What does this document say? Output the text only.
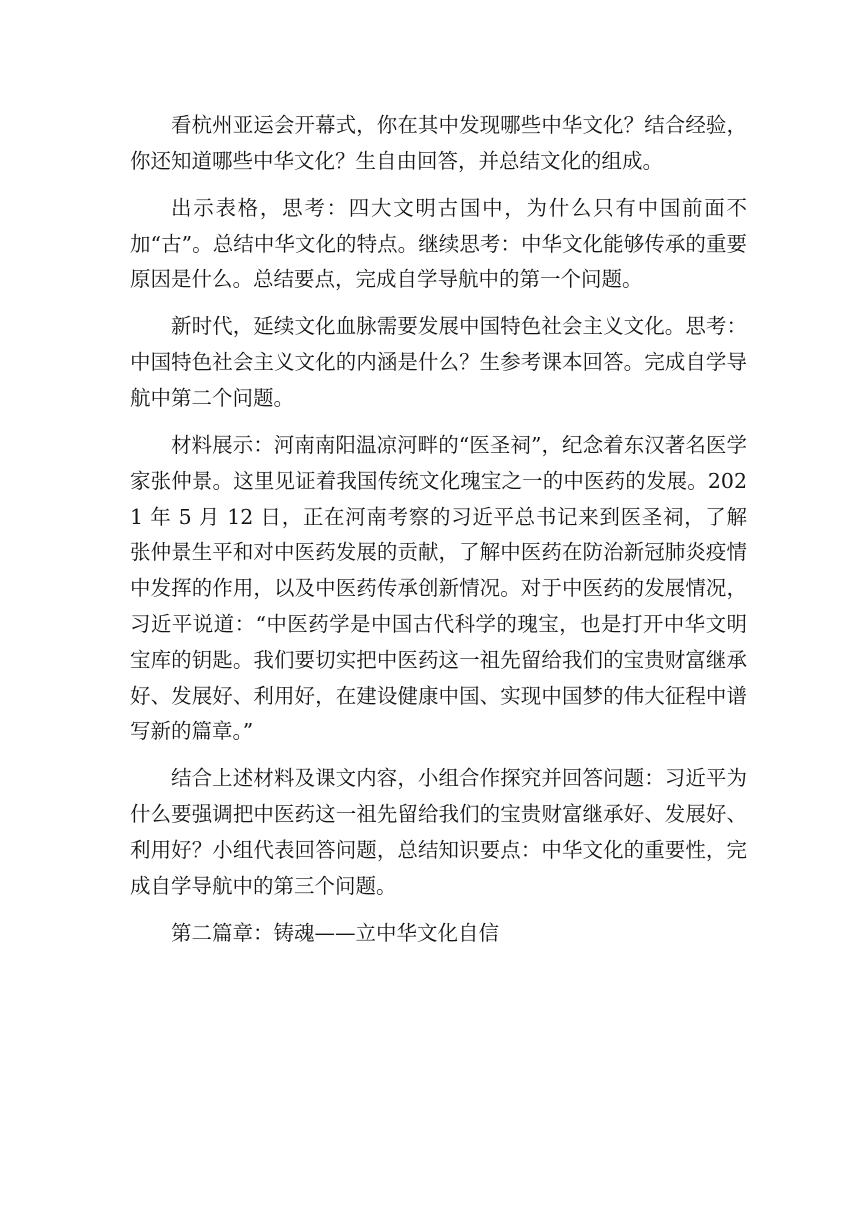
看杭州亚运会开幕式，你在其中发现哪些中华文化？结合经验，你还知道哪些中华文化？生自由回答，并总结文化的组成。

出示表格，思考：四大文明古国中，为什么只有中国前面不加“古”。总结中华文化的特点。继续思考：中华文化能够传承的重要原因是什么。总结要点，完成自学导航中的第一个问题。

新时代，延续文化血脉需要发展中国特色社会主义文化。思考：中国特色社会主义文化的内涵是什么？生参考课本回答。完成自学导航中第二个问题。

材料展示：河南南阳温凉河畔的“医圣祠”，纪念着东汉著名医学家张仲景。这里见证着我国传统文化瑰宝之一的中医药的发展。2021 年 5 月 12 日，正在河南考察的习近平总书记来到医圣祠，了解张仲景生平和对中医药发展的贡献，了解中医药在防治新冠肺炎疫情中发挥的作用，以及中医药传承创新情况。对于中医药的发展情况，习近平说道：“中医药学是中国古代科学的瑰宝，也是打开中华文明宝库的钥匙。我们要切实把中医药这一祖先留给我们的宝贵财富继承好、发展好、利用好，在建设健康中国、实现中国梦的伟大征程中谱写新的篇章。”

结合上述材料及课文内容，小组合作探究并回答问题：习近平为什么要强调把中医药这一祖先留给我们的宝贵财富继承好、发展好、利用好？小组代表回答问题，总结知识要点：中华文化的重要性，完成自学导航中的第三个问题。

第二篇章：铸魂——立中华文化自信
